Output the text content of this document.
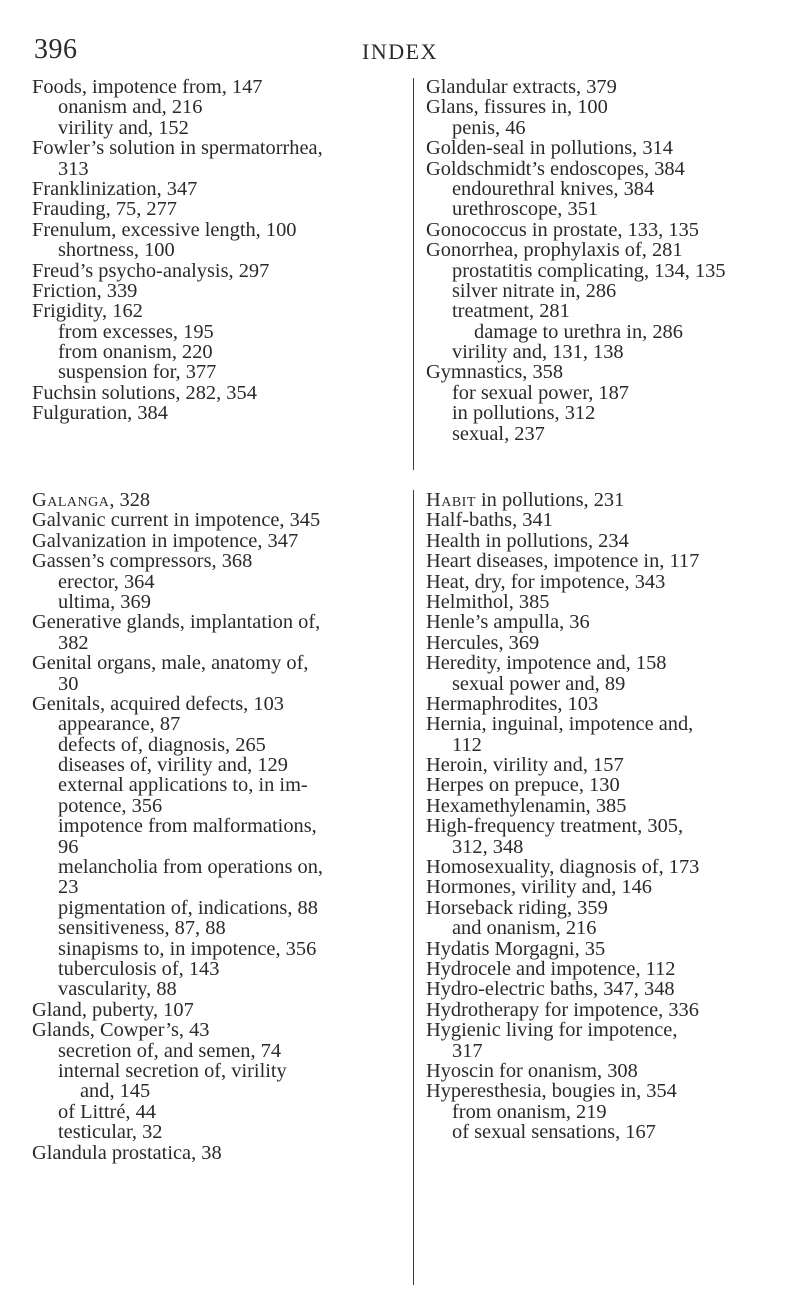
396	INDEX
Foods, impotence from, 147
onanism and, 216
virility and, 152
Fowler’s solution in spermatorrhea,
313
Franklinization, 347
Frauding, 75, 277
Frenulum, excessive length, 100
shortness, 100
Freud’s psycho-analysis, 297
Friction, 339
Frigidity, 162
from excesses, 195
from onanism, 220
suspension for, 377
Fuchsin solutions, 282, 354
Fulguration, 384
Glandular extracts, 379
Glans, fissures in, 100
penis, 46
Golden-seal in pollutions, 314
Goldschmidt’s endoscopes, 384
endourethral knives, 384
urethroscope, 351
Gonococcus in prostate, 133, 135
Gonorrhea, prophylaxis of, 281
prostatitis complicating, 134, 135
silver nitrate in, 286
treatment, 281
damage to urethra in, 286
virility and, 131, 138
Gymnastics, 358
for sexual power, 187
in pollutions, 312
sexual, 237
Galanga, 328
Galvanic current in impotence, 345
Galvanization in impotence, 347
Gassen’s compressors, 368
erector, 364
ultima, 369
Generative glands, implantation of,
382
Genital organs, male, anatomy of,
30
Genitals, acquired defects, 103
appearance, 87
defects of, diagnosis, 265
diseases of, virility and, 129
external applications to, in im-
potence, 356
impotence from malformations,
96
melancholia from operations on,
23
pigmentation of, indications, 88
sensitiveness, 87, 88
sinapisms to, in impotence, 356
tuberculosis of, 143
vascularity, 88
Gland, puberty, 107
Glands, Cowper’s, 43
secretion of, and semen, 74
internal secretion of, virility
and, 145
of Littré, 44
testicular, 32
Glandula prostatica, 38
Habit in pollutions, 231
Half-baths, 341
Health in pollutions, 234
Heart diseases, impotence in, 117
Heat, dry, for impotence, 343
Helmithol, 385
Henle’s ampulla, 36
Hercules, 369
Heredity, impotence and, 158
sexual power and, 89
Hermaphrodites, 103
Hernia, inguinal, impotence and,
112
Heroin, virility and, 157
Herpes on prepuce, 130
Hexamethylenamin, 385
High-frequency treatment, 305,
312, 348
Homosexuality, diagnosis of, 173
Hormones, virility and, 146
Horseback riding, 359
and onanism, 216
Hydatis Morgagni, 35
Hydrocele and impotence, 112
Hydro-electric baths, 347, 348
Hydrotherapy for impotence, 336
Hygienic living for impotence,
317
Hyoscin for onanism, 308
Hyperesthesia, bougies in, 354
from onanism, 219
of sexual sensations, 167
